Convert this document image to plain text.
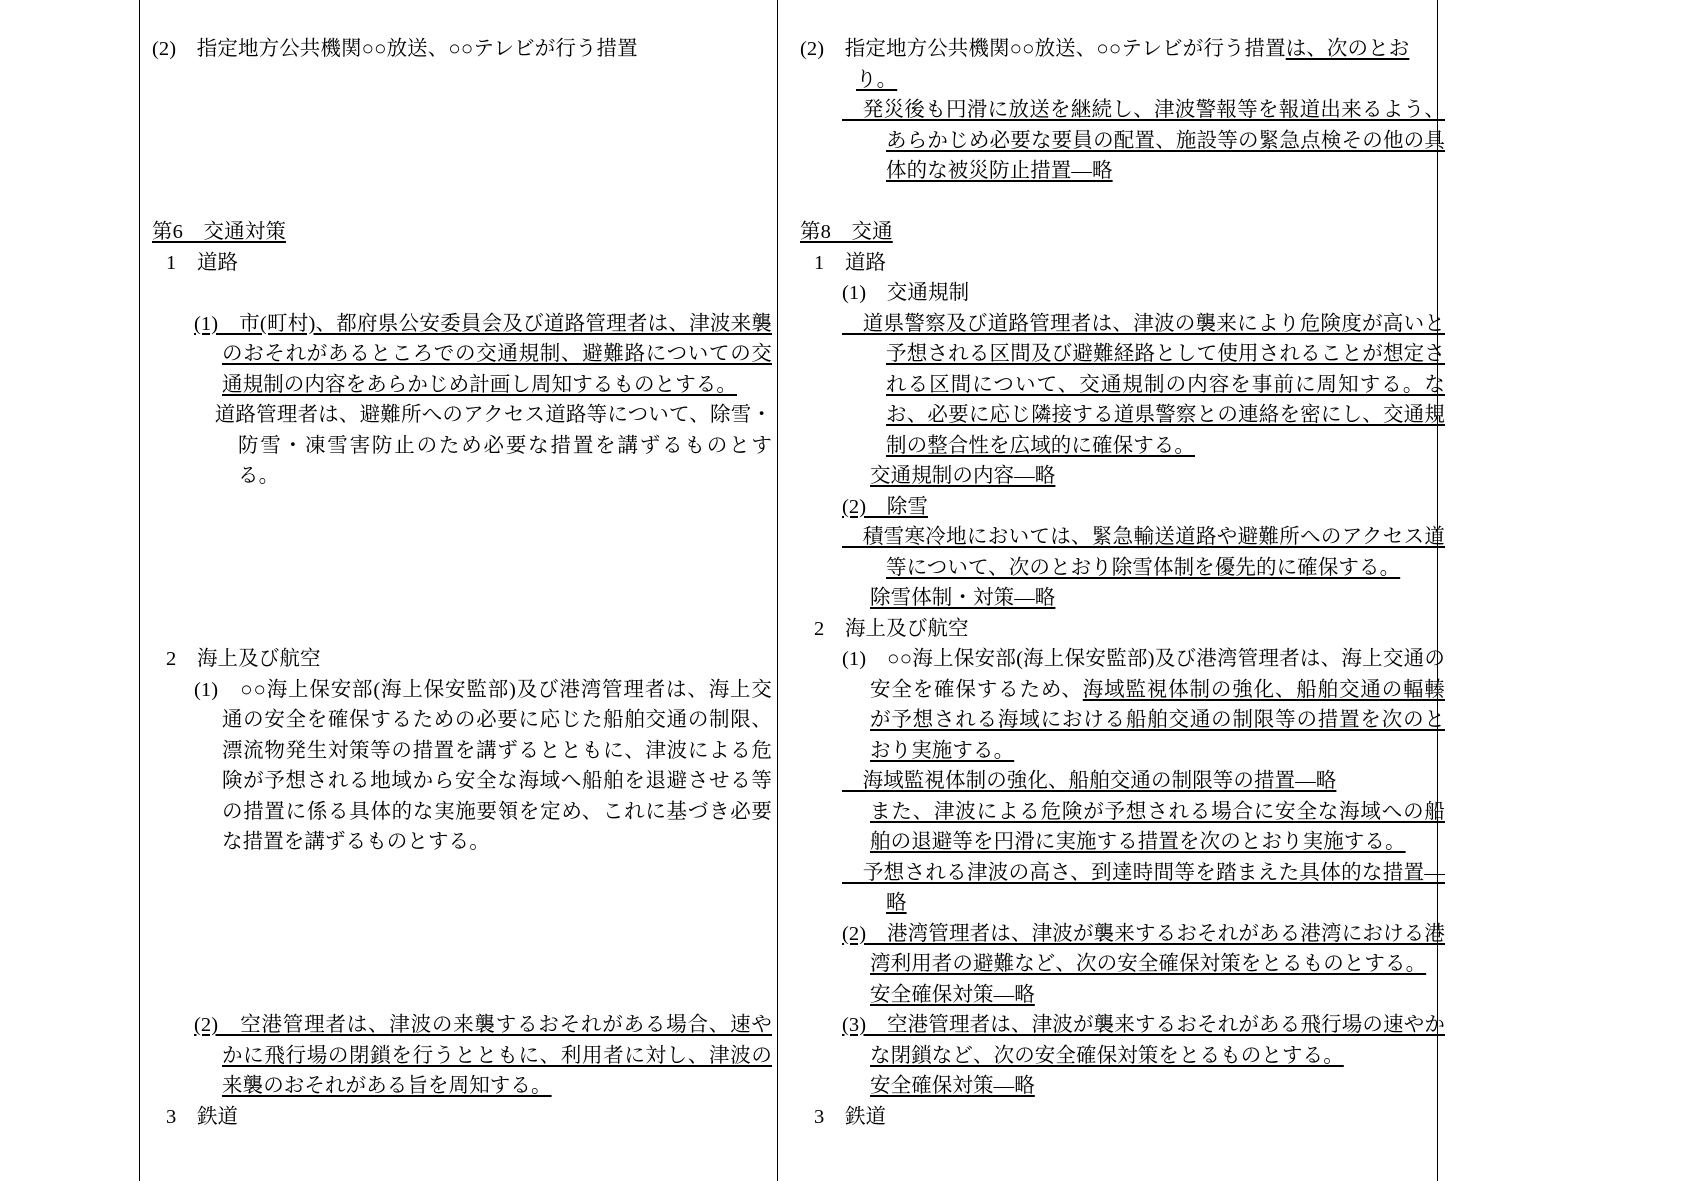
(2)　指定地方公共機関○○放送、○○テレビが行う措置
第6　交通対策
1　道路
(1)　市(町村)、都府県公安委員会及び道路管理者は、津波来襲のおそれがあるところでの交通規制、避難路についての交通規制の内容をあらかじめ計画し周知するものとする。
　道路管理者は、避難所へのアクセス道路等について、除雪・防雪・凍雪害防止のため必要な措置を講ずるものとする。
2　海上及び航空
(1)　○○海上保安部(海上保安監部)及び港湾管理者は、海上交通の安全を確保するための必要に応じた船舶交通の制限、漂流物発生対策等の措置を講ずるとともに、津波による危険が予想される地域から安全な海域へ船舶を退避させる等の措置に係る具体的な実施要領を定め、これに基づき必要な措置を講ずるものとする。
(2)　空港管理者は、津波の来襲するおそれがある場合、速やかに飛行場の閉鎖を行うとともに、利用者に対し、津波の来襲のおそれがある旨を周知する。
3　鉄道
(2)　指定地方公共機関○○放送、○○テレビが行う措置は、次のとおり。
　発災後も円滑に放送を継続し、津波警報等を報道出来るよう、あらかじめ必要な要員の配置、施設等の緊急点検その他の具体的な被災防止措置―略
第8　交通
1　道路
(1)　交通規制
　道県警察及び道路管理者は、津波の襲来により危険度が高いと予想される区間及び避難経路として使用されることが想定される区間について、交通規制の内容を事前に周知する。なお、必要に応じ隣接する道県警察との連絡を密にし、交通規制の整合性を広域的に確保する。
交通規制の内容―略
(2)　除雪
　積雪寒冷地においては、緊急輸送道路や避難所へのアクセス道等について、次のとおり除雪体制を優先的に確保する。
除雪体制・対策―略
2　海上及び航空
(1)　○○海上保安部(海上保安監部)及び港湾管理者は、海上交通の安全を確保するため、海域監視体制の強化、船舶交通の輻輳が予想される海域における船舶交通の制限等の措置を次のとおり実施する。
　海域監視体制の強化、船舶交通の制限等の措置―略
また、津波による危険が予想される場合に安全な海域への船舶の退避等を円滑に実施する措置を次のとおり実施する。
　予想される津波の高さ、到達時間等を踏まえた具体的な措置―略
(2)　港湾管理者は、津波が襲来するおそれがある港湾における港湾利用者の避難など、次の安全確保対策をとるものとする。
安全確保対策―略
(3)　空港管理者は、津波が襲来するおそれがある飛行場の速やかな閉鎖など、次の安全確保対策をとるものとする。
安全確保対策―略
3　鉄道
